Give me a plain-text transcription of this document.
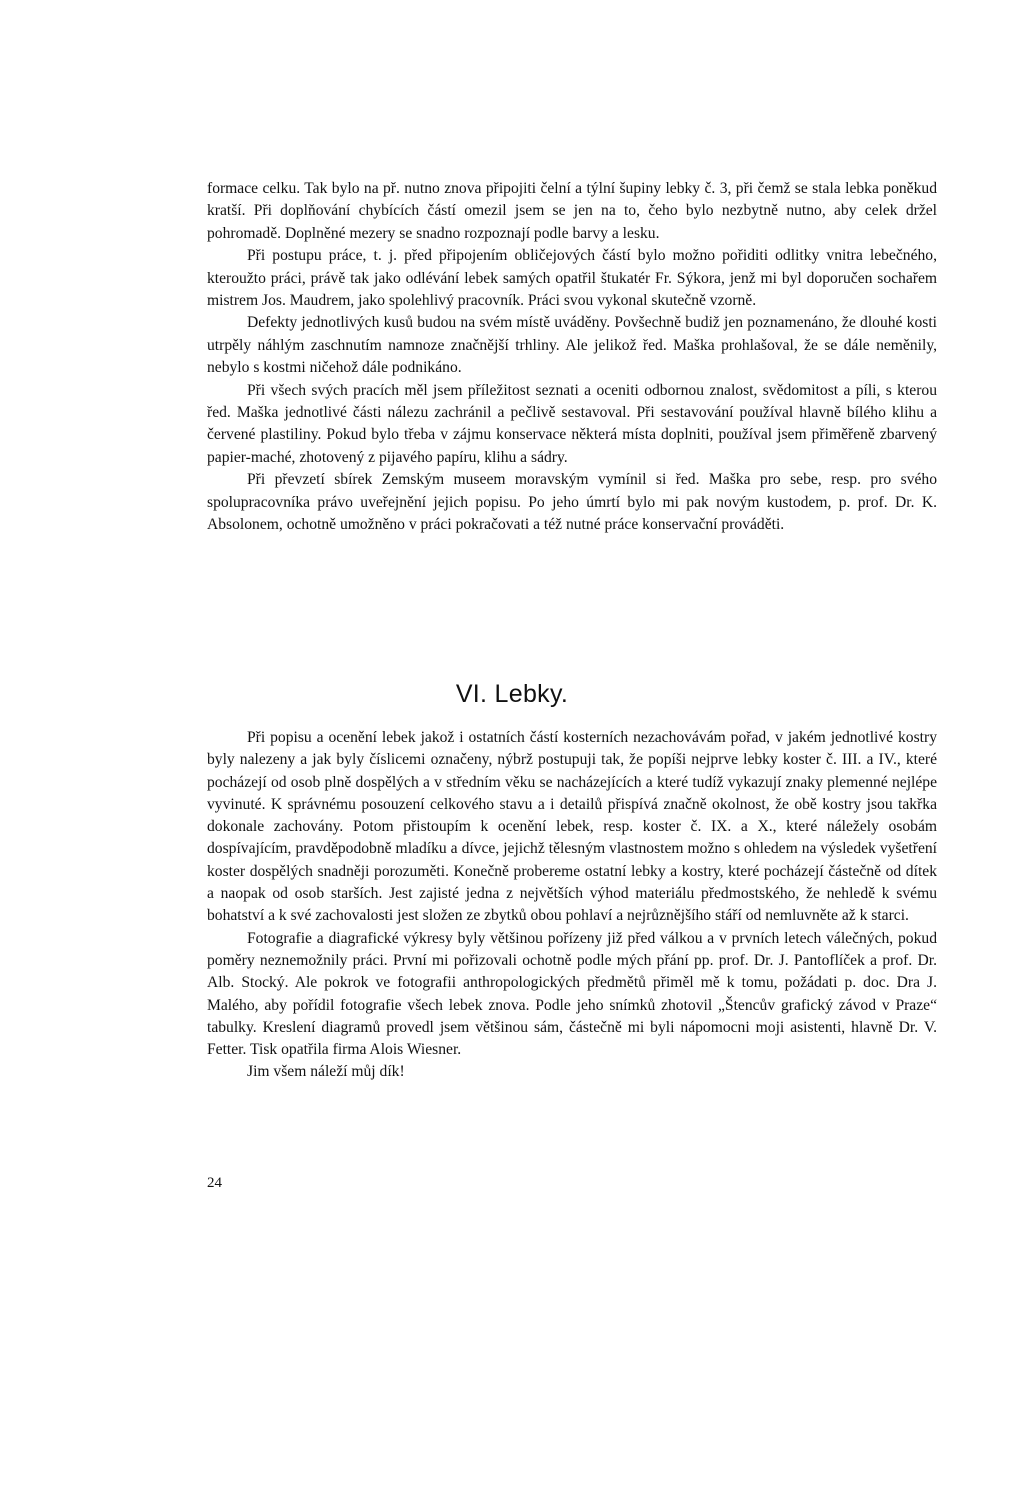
formace celku. Tak bylo na př. nutno znova připojiti čelní a týlní šupiny lebky č. 3, při čemž se stala lebka poněkud kratší. Při doplňování chybících částí omezil jsem se jen na to, čeho bylo nezbytně nutno, aby celek držel pohromadě. Doplněné mezery se snadno rozpoznají podle barvy a lesku.

Při postupu práce, t. j. před připojením obličejových částí bylo možno pořiditi odlitky vnitra lebečného, kteroužto práci, právě tak jako odlévání lebek samých opatřil štukatér Fr. Sýkora, jenž mi byl doporučen sochařem mistrem Jos. Maudrem, jako spolehlivý pracovník. Práci svou vykonal skutečně vzorně.

Defekty jednotlivých kusů budou na svém místě uváděny. Povšechně budiž jen poznamenáno, že dlouhé kosti utrpěly náhlým zaschnutím namnoze značnější trhliny. Ale jelikož řed. Maška prohlašoval, že se dále neměnily, nebylo s kostmi ničehož dále podnikáno.

Při všech svých pracích měl jsem příležitost seznati a oceniti odbornou znalost, svědomitost a píli, s kterou řed. Maška jednotlivé části nálezu zachránil a pečlivě sestavoval. Při sestavování používal hlavně bílého klihu a červené plastiliny. Pokud bylo třeba v zájmu konservace některá místa doplniti, používal jsem přiměřeně zbarvený papier-maché, zhotovený z pijavého papíru, klihu a sádry.

Při převzetí sbírek Zemským museem moravským vymínil si řed. Maška pro sebe, resp. pro svého spolupracovníka právo uveřejnění jejich popisu. Po jeho úmrtí bylo mi pak novým kustodem, p. prof. Dr. K. Absolonem, ochotně umožněno v práci pokračovati a též nutné práce konservační prováděti.

VI. Lebky.

Při popisu a ocenění lebek jakož i ostatních částí kosterních nezachovávám pořad, v jakém jednotlivé kostry byly nalezeny a jak byly číslicemi označeny, nýbrž postupuji tak, že popíši nejprve lebky koster č. III. a IV., které pocházejí od osob plně dospělých a v středním věku se nacházejících a které tudíž vykazují znaky plemenné nejlépe vyvinuté. K správnému posouzení celkového stavu a i detailů přispívá značně okolnost, že obě kostry jsou takřka dokonale zachovány. Potom přistoupím k ocenění lebek, resp. koster č. IX. a X., které náležely osobám dospívajícím, pravděpodobně mladíku a dívce, jejichž tělesným vlastnostem možno s ohledem na výsledek vyšetření koster dospělých snadněji porozuměti. Konečně probereme ostatní lebky a kostry, které pocházejí částečně od dítek a naopak od osob starších. Jest zajisté jedna z největších výhod materiálu předmostského, že nehledě k svému bohatství a k své zachovalosti jest složen ze zbytků obou pohlaví a nejrůznějšího stáří od nemluvněte až k starci.

Fotografie a diagrafické výkresy byly většinou pořízeny již před válkou a v prvních letech válečných, pokud poměry neznemožnily práci. První mi pořizovali ochotně podle mých přání pp. prof. Dr. J. Pantoflíček a prof. Dr. Alb. Stocký. Ale pokrok ve fotografii anthropologických předmětů přiměl mě k tomu, požádati p. doc. Dra J. Malého, aby pořídil fotografie všech lebek znova. Podle jeho snímků zhotovil „Štencův grafický závod v Praze“ tabulky. Kreslení diagramů provedl jsem většinou sám, částečně mi byli nápomocni moji asistenti, hlavně Dr. V. Fetter. Tisk opatřila firma Alois Wiesner.

Jim všem náleží můj dík!

24
